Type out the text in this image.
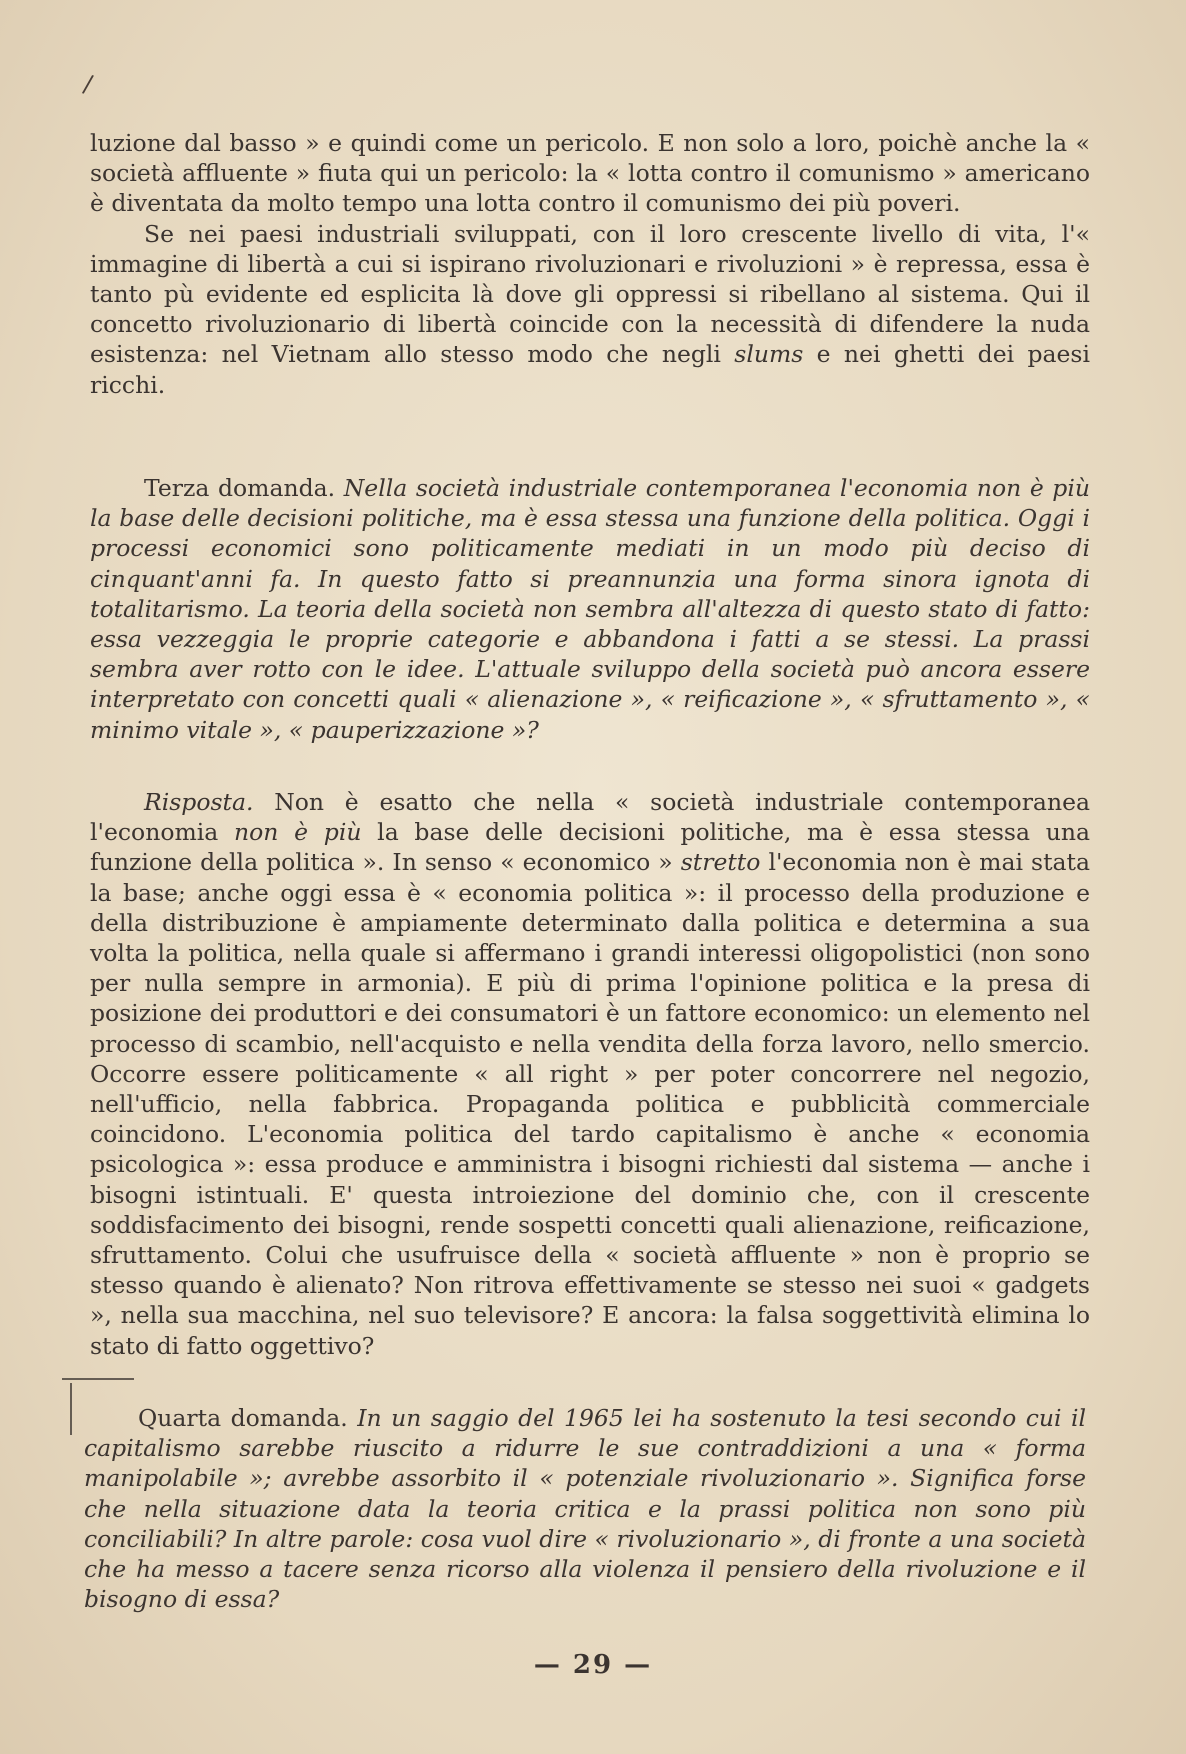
/

luzione dal basso » e quindi come un pericolo. E non solo a loro, poichè anche la « società affluente » fiuta qui un pericolo: la « lotta contro il comunismo » americano è diventata da molto tempo una lotta contro il comunismo dei più poveri.

Se nei paesi industriali sviluppati, con il loro crescente livello di vita, l'« immagine di libertà a cui si ispirano rivoluzionari e rivoluzioni » è repressa, essa è tanto pù evidente ed esplicita là dove gli oppressi si ribellano al sistema. Qui il concetto rivoluzionario di libertà coincide con la necessità di difendere la nuda esistenza: nel Vietnam allo stesso modo che negli slums e nei ghetti dei paesi ricchi.

Terza domanda. Nella società industriale contemporanea l'economia non è più la base delle decisioni politiche, ma è essa stessa una funzione della politica. Oggi i processi economici sono politicamente mediati in un modo più deciso di cinquant'anni fa. In questo fatto si preannunzia una forma sinora ignota di totalitarismo. La teoria della società non sembra all'altezza di questo stato di fatto: essa vezzeggia le proprie categorie e abbandona i fatti a se stessi. La prassi sembra aver rotto con le idee. L'attuale sviluppo della società può ancora essere interpretato con concetti quali « alienazione », « reificazione », « sfruttamento », « minimo vitale », « pauperizzazione »?

Risposta. Non è esatto che nella « società industriale contemporanea l'economia non è più la base delle decisioni politiche, ma è essa stessa una funzione della politica ». In senso « economico » stretto l'economia non è mai stata la base; anche oggi essa è « economia politica »: il processo della produzione e della distribuzione è ampiamente determinato dalla politica e determina a sua volta la politica, nella quale si affermano i grandi interessi oligopolistici (non sono per nulla sempre in armonia). E più di prima l'opinione politica e la presa di posizione dei produttori e dei consumatori è un fattore economico: un elemento nel processo di scambio, nell'acquisto e nella vendita della forza lavoro, nello smercio. Occorre essere politicamente « all right » per poter concorrere nel negozio, nell'ufficio, nella fabbrica. Propaganda politica e pubblicità commerciale coincidono. L'economia politica del tardo capitalismo è anche « economia psicologica »: essa produce e amministra i bisogni richiesti dal sistema — anche i bisogni istintuali. E' questa introiezione del dominio che, con il crescente soddisfacimento dei bisogni, rende sospetti concetti quali alienazione, reificazione, sfruttamento. Colui che usufruisce della « società affluente » non è proprio se stesso quando è alienato? Non ritrova effettivamente se stesso nei suoi « gadgets », nella sua macchina, nel suo televisore? E ancora: la falsa soggettività elimina lo stato di fatto oggettivo?

Quarta domanda. In un saggio del 1965 lei ha sostenuto la tesi secondo cui il capitalismo sarebbe riuscito a ridurre le sue contraddizioni a una « forma manipolabile »; avrebbe assorbito il « potenziale rivoluzionario ». Significa forse che nella situazione data la teoria critica e la prassi politica non sono più conciliabili? In altre parole: cosa vuol dire « rivoluzionario », di fronte a una società che ha messo a tacere senza ricorso alla violenza il pensiero della rivoluzione e il bisogno di essa?

— 29 —
